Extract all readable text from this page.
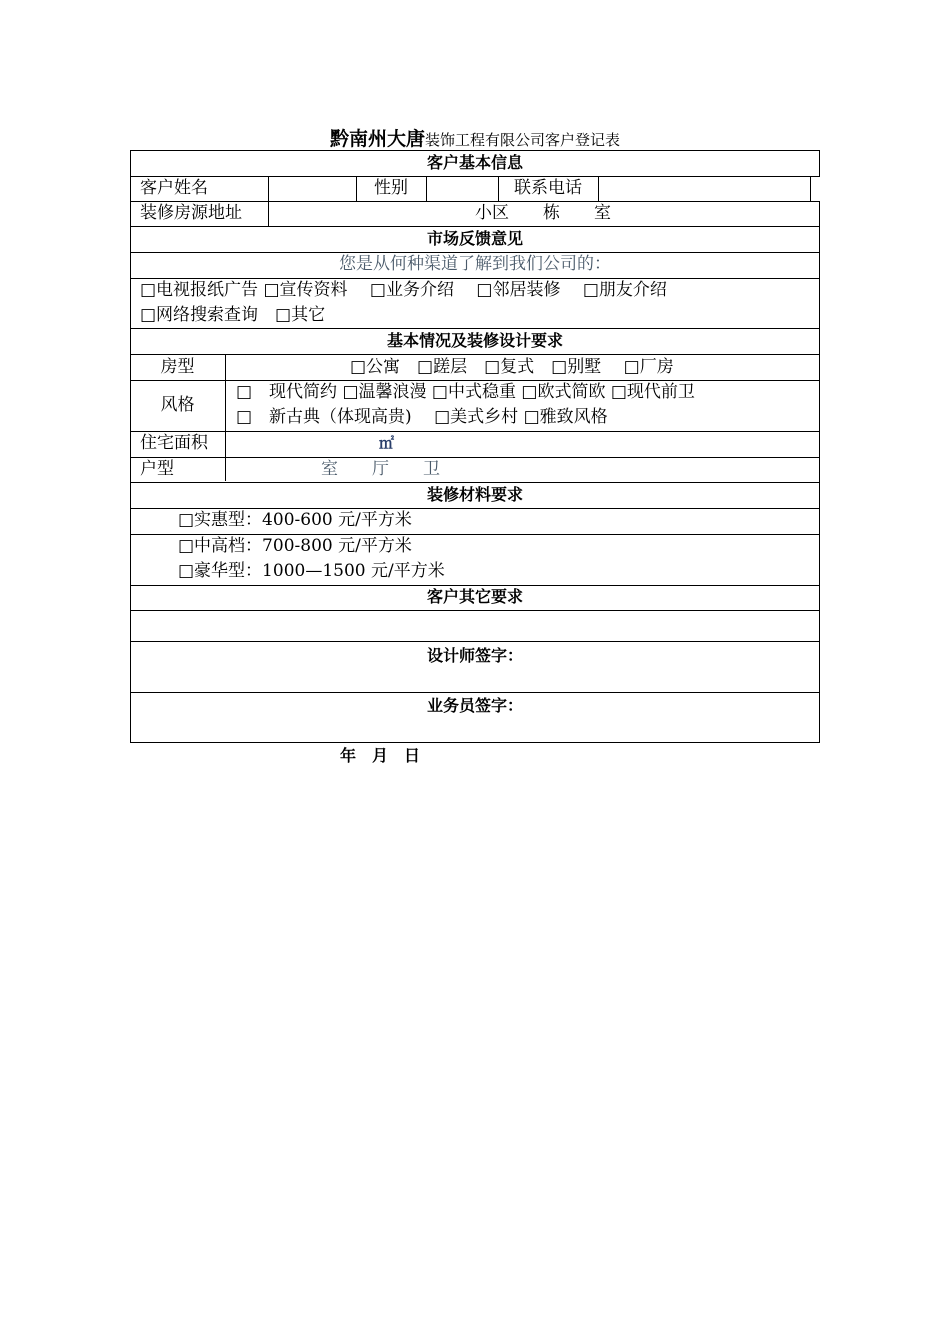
黔南州大唐装饰工程有限公司客户登记表
客户基本信息
客户姓名	性别	联系电话
装修房源地址	小区　　栋　　室
市场反馈意见
您是从何种渠道了解到我们公司的：
□电视报纸广告 □宣传资料　 □业务介绍　 □邻居装修　 □朋友介绍
□网络搜索查询　□其它
基本情况及装修设计要求
房型	□公寓　□蹉层　□复式　□别墅　 □厂房
风格
□　现代简约 □温馨浪漫 □中式稳重 □欧式简欧 □现代前卫
□　新古典（体现高贵) 　□美式乡村 □雅致风格
住宅面积	㎡
户型	室　　厅　　卫
装修材料要求
□实惠型：400-600 元/平方米
□中高档：700-800 元/平方米
□豪华型：1000—1500 元/平方米
客户其它要求
设计师签字：
业务员签字：
年　月　日
